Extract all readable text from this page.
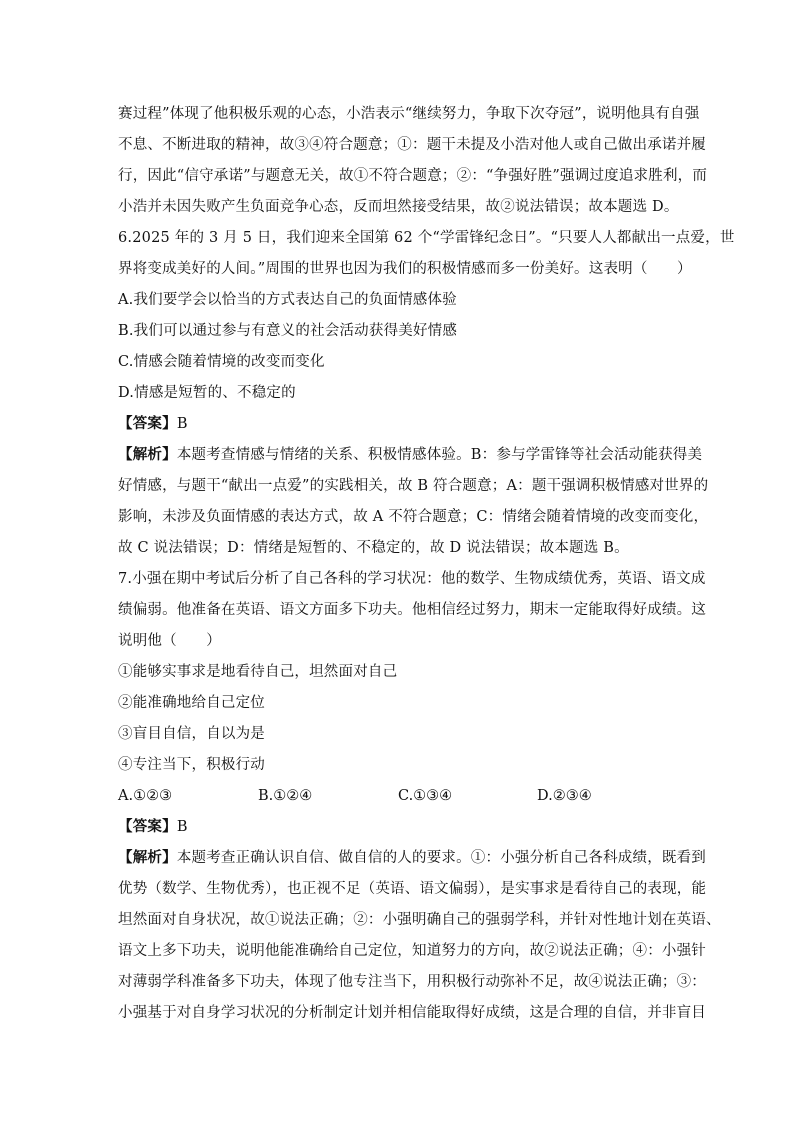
赛过程”体现了他积极乐观的心态，小浩表示“继续努力，争取下次夺冠”，说明他具有自强
不息、不断进取的精神，故③④符合题意；①：题干未提及小浩对他人或自己做出承诺并履
行，因此“信守承诺”与题意无关，故①不符合题意；②：“争强好胜”强调过度追求胜利，而
小浩并未因失败产生负面竞争心态，反而坦然接受结果，故②说法错误；故本题选 D。
6.2025 年的 3 月 5 日，我们迎来全国第 62 个“学雷锋纪念日”。“只要人人都献出一点爱，世
界将变成美好的人间。”周围的世界也因为我们的积极情感而多一份美好。这表明（　　）
A.我们要学会以恰当的方式表达自己的负面情感体验
B.我们可以通过参与有意义的社会活动获得美好情感
C.情感会随着情境的改变而变化
D.情感是短暂的、不稳定的
【答案】B
【解析】本题考查情感与情绪的关系、积极情感体验。B：参与学雷锋等社会活动能获得美
好情感，与题干“献出一点爱”的实践相关，故 B 符合题意；A：题干强调积极情感对世界的
影响，未涉及负面情感的表达方式，故 A 不符合题意；C：情绪会随着情境的改变而变化，
故 C 说法错误；D：情绪是短暂的、不稳定的，故 D 说法错误；故本题选 B。
7.小强在期中考试后分析了自己各科的学习状况：他的数学、生物成绩优秀，英语、语文成
绩偏弱。他准备在英语、语文方面多下功夫。他相信经过努力，期末一定能取得好成绩。这
说明他（　　）
①能够实事求是地看待自己，坦然面对自己
②能准确地给自己定位
③盲目自信，自以为是
④专注当下，积极行动
A.①②③	B.①②④	C.①③④	D.②③④
【答案】B
【解析】本题考查正确认识自信、做自信的人的要求。①：小强分析自己各科成绩，既看到
优势（数学、生物优秀），也正视不足（英语、语文偏弱），是实事求是看待自己的表现，能
坦然面对自身状况，故①说法正确；②：小强明确自己的强弱学科，并针对性地计划在英语、
语文上多下功夫，说明他能准确给自己定位，知道努力的方向，故②说法正确；④：小强针
对薄弱学科准备多下功夫，体现了他专注当下，用积极行动弥补不足，故④说法正确；③：
小强基于对自身学习状况的分析制定计划并相信能取得好成绩，这是合理的自信，并非盲目
